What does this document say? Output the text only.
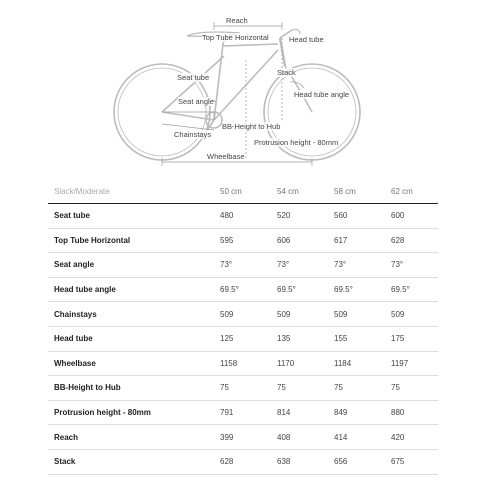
Reach
Top Tube Horizontal	Head tube
Seat tube
Stack
Seat angle
Head tube angle
Chainstays
BB-Height to Hub
Protrusion height - 80mm
Wheelbase
Slack/Moderate	50 cm	54 cm	58 cm	62 cm
Seat tube	480	520	560	600
Top Tube Horizontal	595	606	617	628
Seat angle	73°	73°	73°	73°
Head tube angle	69.5°	69.5°	69.5°	69.5°
Chainstays	509	509	509	509
Head tube	125	135	155	175
Wheelbase	1158	1170	1184	1197
BB-Height to Hub	75	75	75	75
Protrusion height - 80mm	791	814	849	880
Reach	399	408	414	420
Stack	628	638	656	675
